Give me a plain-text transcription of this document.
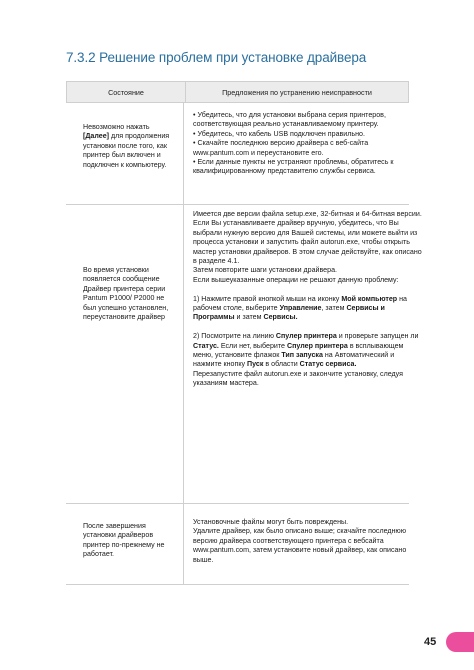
7.3.2 Решение проблем при установке драйвера
Состояние	Предложения по устранению неисправности

Невозможно нажать

[Далее] для продолжения

установки после того, как

принтер был включен и

подключен к компьютеру.

• Убедитесь, что для установки выбрана серия принтеров,

соответствующая реально устанавливаемому принтеру.

• Убедитесь, что кабель USB подключен правильно.

• Скачайте последнюю версию драйвера с веб-сайта

www.pantum.com и переустановите его.

• Если данные пункты не устраняют проблемы, обратитесь к

квалифицированному представителю службы сервиса.

Во время установки

появляется сообщение

Драйвер принтера серии

Pantum P1000/ P2000 не

был успешно установлен,

переустановите драйвер

Имеется две версии файла setup.exe, 32-битная и 64-битная версии.

Если Вы устанавливаете драйвер вручную, убедитесь, что Вы

выбрали нужную версию для Вашей системы, или можете выйти из

процесса установки и запустить файл autorun.exe, чтобы открыть

мастер установки драйверов. В этом случае действуйте, как описано

в разделе 4.1.

Затем повторите шаги установки драйвера.

Если вышеуказанные операции не решают данную проблему:

1) Нажмите правой кнопкой мыши на иконку Мой компьютер на

рабочем столе, выберите Управление, затем Сервисы и

Программы и затем Сервисы.

2) Посмотрите на линию Спулер принтера и проверьте запущен ли

Статус. Если нет, выберите Спулер принтера в всплывающем

меню, установите флажок Тип запуска на Автоматический и

нажмите кнопку Пуск в области Статус сервиса.

Перезапустите файл autorun.exe и закончите установку, следуя

указаниям мастера.

После завершения

установки драйверов

принтер по-прежнему не

работает.

Установочные файлы могут быть повреждены.

Удалите драйвер, как было описано выше; скачайте последнюю

версию драйвера соответствующего принтера с вебсайта

www.pantum.com, затем установите новый драйвер, как описано

выше.

45
